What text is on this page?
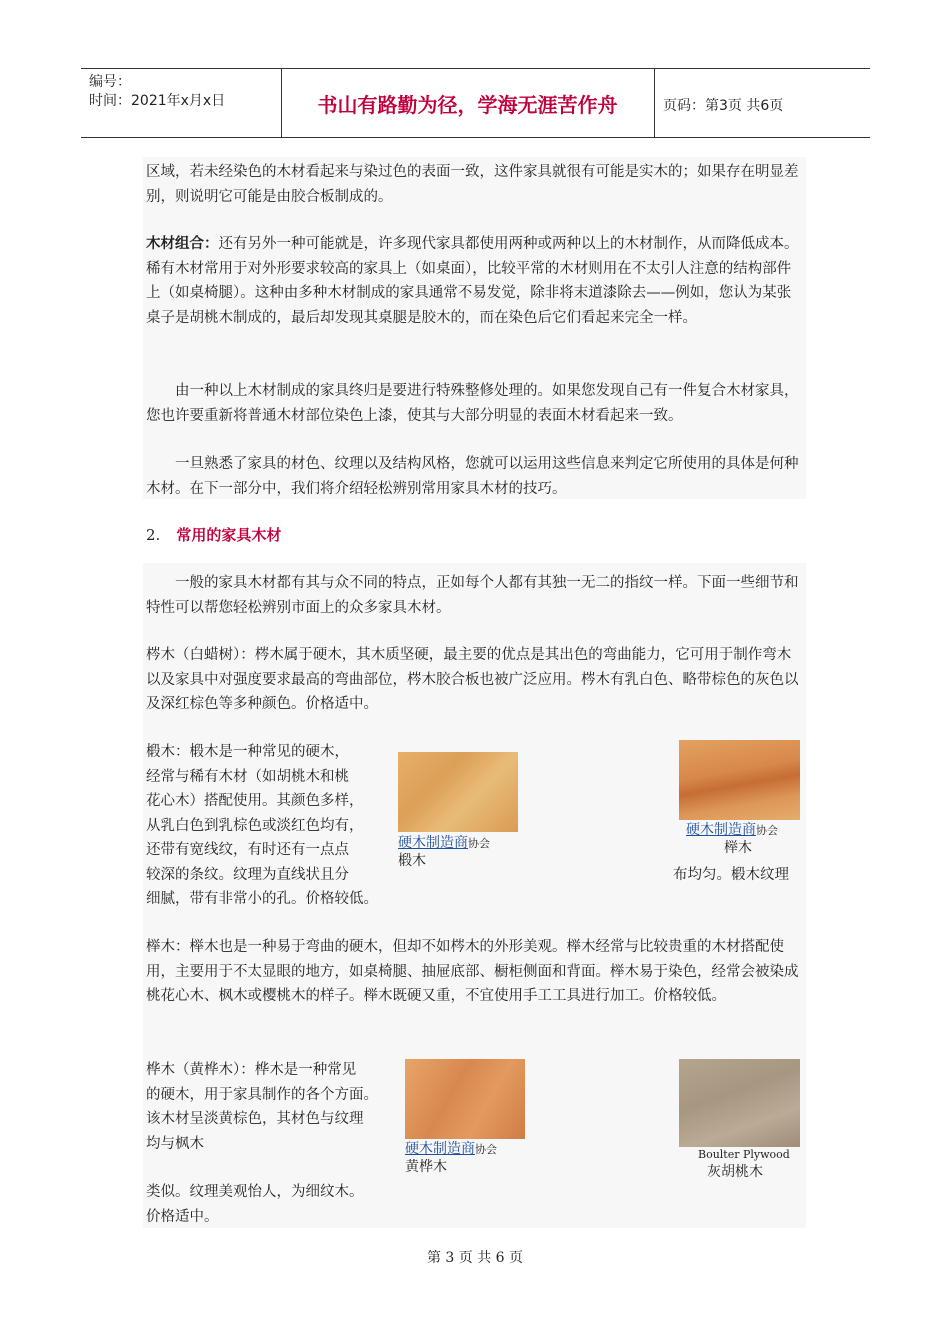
编号：
时间：2021年x月x日	书山有路勤为径，学海无涯苦作舟	页码：第3页 共6页

区域，若未经染色的木材看起来与染过色的表面一致，这件家具就很有可能是实木的；如果存在明显差别，则说明它可能是由胶合板制成的。

木材组合：还有另外一种可能就是，许多现代家具都使用两种或两种以上的木材制作，从而降低成本。稀有木材常用于对外形要求较高的家具上（如桌面），比较平常的木材则用在不太引人注意的结构部件上（如桌椅腿）。这种由多种木材制成的家具通常不易发觉，除非将末道漆除去——例如，您认为某张桌子是胡桃木制成的，最后却发现其桌腿是胶木的，而在染色后它们看起来完全一样。

由一种以上木材制成的家具终归是要进行特殊整修处理的。如果您发现自己有一件复合木材家具，您也许要重新将普通木材部位染色上漆，使其与大部分明显的表面木材看起来一致。

一旦熟悉了家具的材色、纹理以及结构风格，您就可以运用这些信息来判定它所使用的具体是何种木材。在下一部分中，我们将介绍轻松辨别常用家具木材的技巧。

2. 常用的家具木材

一般的家具木材都有其与众不同的特点，正如每个人都有其独一无二的指纹一样。下面一些细节和特性可以帮您轻松辨别市面上的众多家具木材。

梣木（白蜡树）：梣木属于硬木，其木质坚硬，最主要的优点是其出色的弯曲能力，它可用于制作弯木以及家具中对强度要求最高的弯曲部位，梣木胶合板也被广泛应用。梣木有乳白色、略带棕色的灰色以及深红棕色等多种颜色。价格适中。

椴木：椴木是一种常见的硬木，
经常与稀有木材（如胡桃木和桃
花心木）搭配使用。其颜色多样，
从乳白色到乳棕色或淡红色均有，
还带有宽线纹，有时还有一点点
较深的条纹。纹理为直线状且分
细腻，带有非常小的孔。价格较低。
硬木制造商协会
椴木
硬木制造商协会
榉木
布均匀。椴木纹理

榉木：榉木也是一种易于弯曲的硬木，但却不如梣木的外形美观。榉木经常与比较贵重的木材搭配使用，主要用于不太显眼的地方，如桌椅腿、抽屉底部、橱柜侧面和背面。榉木易于染色，经常会被染成桃花心木、枫木或樱桃木的样子。榉木既硬又重，不宜使用手工工具进行加工。价格较低。

桦木（黄桦木）：桦木是一种常见
的硬木，用于家具制作的各个方面。
该木材呈淡黄棕色，其材色与纹理
均与枫木
类似。纹理美观怡人，为细纹木。
价格适中。
硬木制造商协会
黄桦木
Boulter Plywood
灰胡桃木
第 3 页 共 6 页
